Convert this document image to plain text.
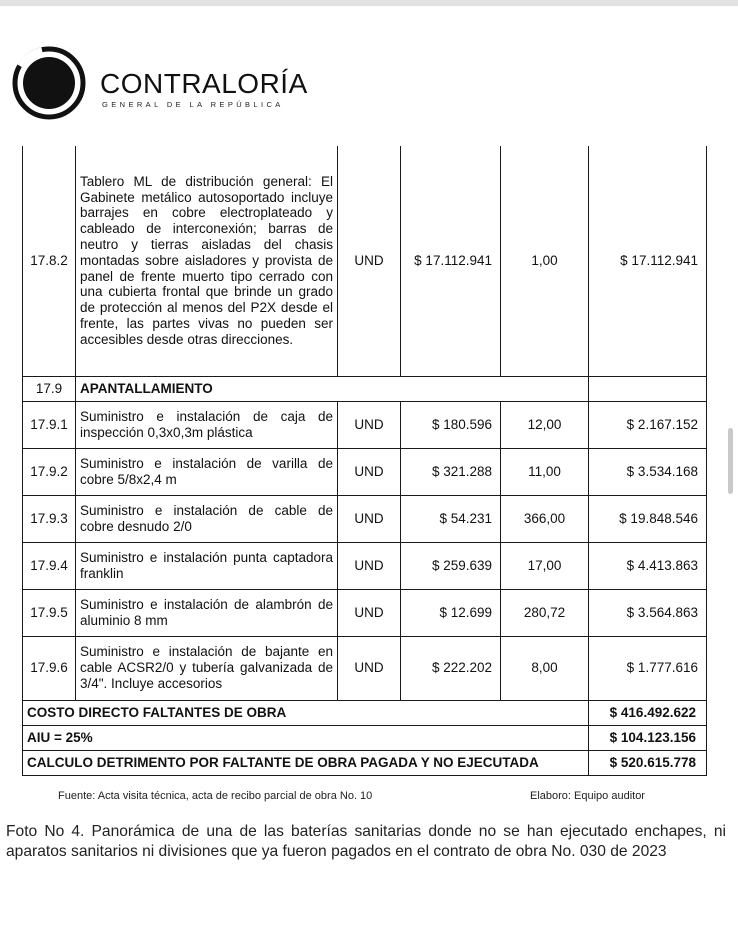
CONTRALORÍA
GENERAL DE LA REPÚBLICA
17.8.2	Tablero ML de distribución general: El Gabinete metálico autosoportado incluye barrajes en cobre electroplateado y cableado de interconexión; barras de neutro y tierras aisladas del chasis montadas sobre aisladores y provista de panel de frente muerto tipo cerrado con una cubierta frontal que brinde un grado de protección al menos del P2X desde el frente, las partes vivas no pueden ser accesibles desde otras direcciones.	UND	$ 17.112.941	1,00	$ 17.112.941
17.9	APANTALLAMIENTO				
17.9.1	Suministro e instalación de caja de inspección 0,3x0,3m plástica	UND	$ 180.596	12,00	$ 2.167.152
17.9.2	Suministro e instalación de varilla de cobre 5/8x2,4 m	UND	$ 321.288	11,00	$ 3.534.168
17.9.3	Suministro e instalación de cable de cobre desnudo 2/0	UND	$ 54.231	366,00	$ 19.848.546
17.9.4	Suministro e instalación punta captadora franklin	UND	$ 259.639	17,00	$ 4.413.863
17.9.5	Suministro e instalación de alambrón de aluminio 8 mm	UND	$ 12.699	280,72	$ 3.564.863
17.9.6	Suministro e instalación de bajante en cable ACSR2/0 y tubería galvanizada de 3/4". Incluye accesorios	UND	$ 222.202	8,00	$ 1.777.616
COSTO DIRECTO FALTANTES DE OBRA					$ 416.492.622
AIU = 25%					$ 104.123.156
CALCULO DETRIMENTO POR FALTANTE DE OBRA PAGADA Y NO EJECUTADA					$ 520.615.778
Fuente: Acta visita técnica, acta de recibo parcial de obra No. 10	Elaboro: Equipo auditor
Foto No 4. Panorámica de una de las baterías sanitarias donde no se han ejecutado enchapes, ni aparatos sanitarios ni divisiones que ya fueron pagados en el contrato de obra No. 030 de 2023
